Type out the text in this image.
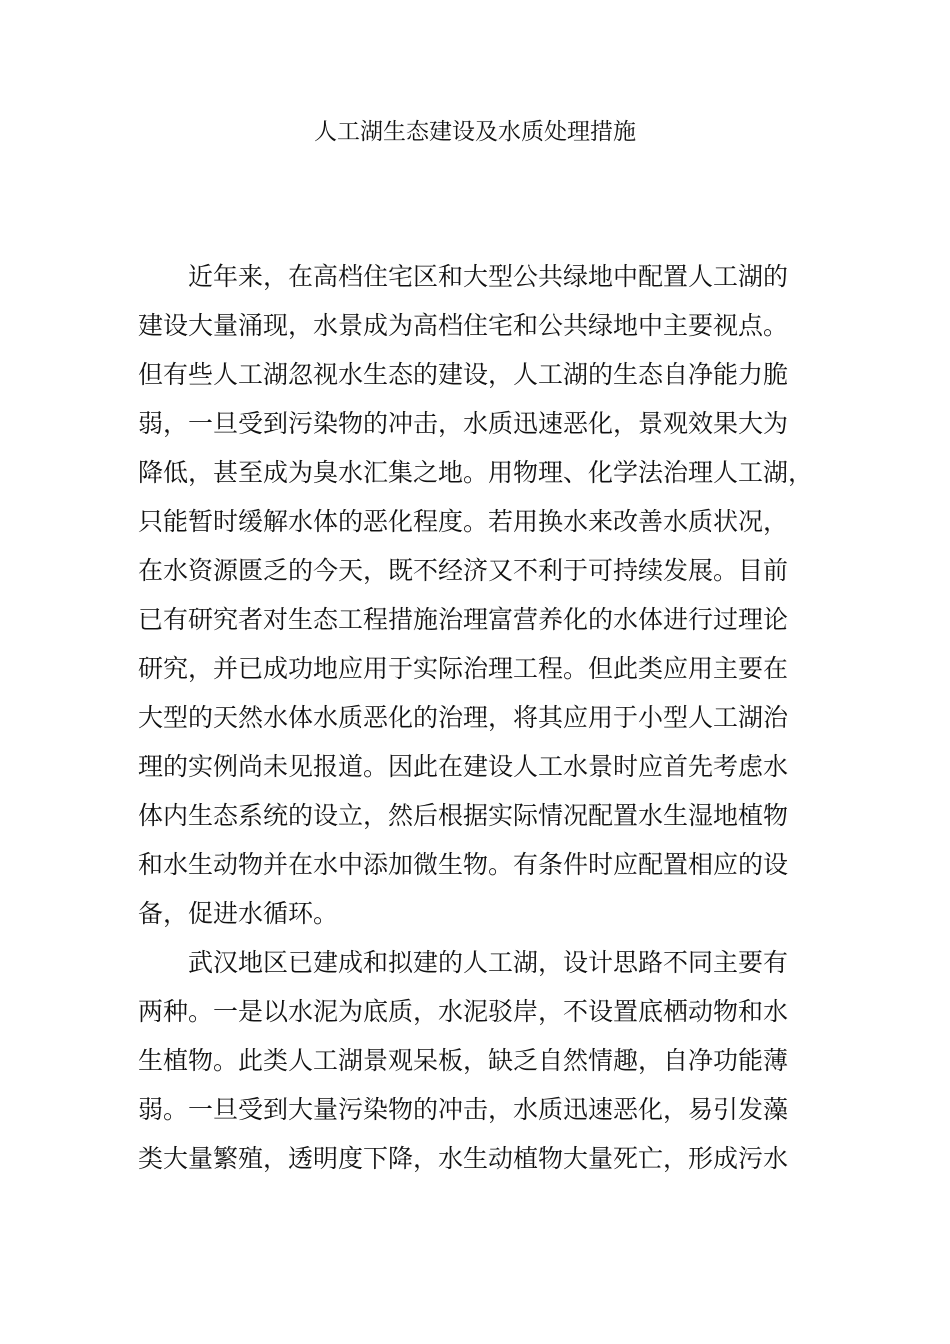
人工湖生态建设及水质处理措施
近年来，在高档住宅区和大型公共绿地中配置人工湖的
建设大量涌现，水景成为高档住宅和公共绿地中主要视点。
但有些人工湖忽视水生态的建设，人工湖的生态自净能力脆
弱，一旦受到污染物的冲击，水质迅速恶化，景观效果大为
降低，甚至成为臭水汇集之地。用物理、化学法治理人工湖，
只能暂时缓解水体的恶化程度。若用换水来改善水质状况，
在水资源匮乏的今天，既不经济又不利于可持续发展。目前
已有研究者对生态工程措施治理富营养化的水体进行过理论
研究，并已成功地应用于实际治理工程。但此类应用主要在
大型的天然水体水质恶化的治理，将其应用于小型人工湖治
理的实例尚未见报道。因此在建设人工水景时应首先考虑水
体内生态系统的设立，然后根据实际情况配置水生湿地植物
和水生动物并在水中添加微生物。有条件时应配置相应的设
备，促进水循环。
武汉地区已建成和拟建的人工湖，设计思路不同主要有
两种。一是以水泥为底质，水泥驳岸，不设置底栖动物和水
生植物。此类人工湖景观呆板，缺乏自然情趣，自净功能薄
弱。一旦受到大量污染物的冲击，水质迅速恶化，易引发藻
类大量繁殖，透明度下降，水生动植物大量死亡，形成污水
